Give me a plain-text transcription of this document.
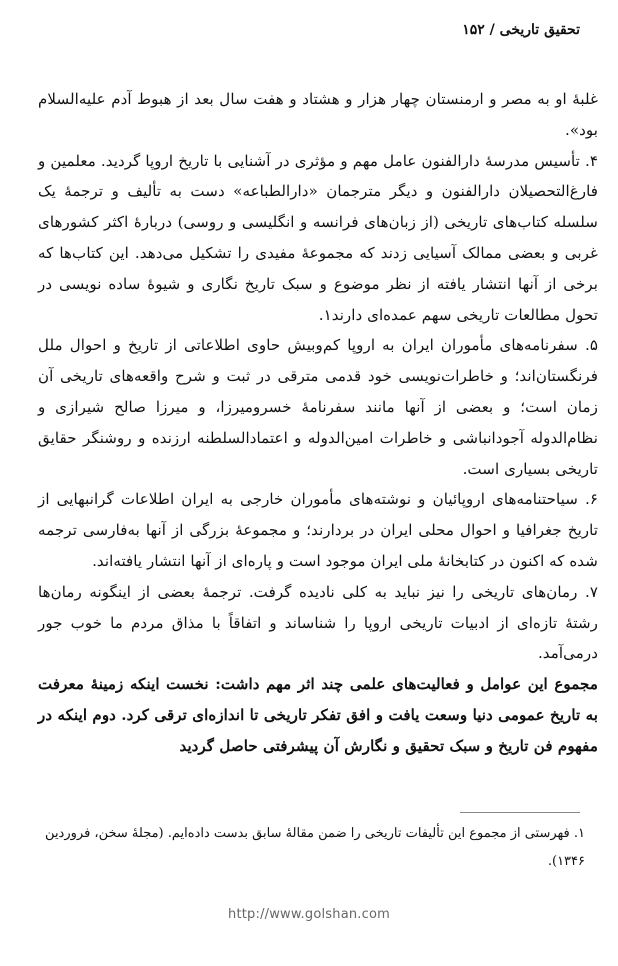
تحقیق تاریخی / ۱۵۲

غلبهٔ او به مصر و ارمنستان چهار هزار و هشتاد و هفت سال بعد از هبوط آدم علیه‌السلام بود».

۴. تأسیس مدرسهٔ دارالفنون عامل مهم و مؤثری در آشنایی با تاریخ اروپا گردید. معلمین و فارغ‌التحصیلان دارالفنون و دیگر مترجمان «دارالطباعه» دست به تألیف و ترجمهٔ یک سلسله کتاب‌های تاریخی (از زبان‌های فرانسه و انگلیسی و روسی) دربارهٔ اکثر کشورهای غربی و بعضی ممالک آسیایی زدند که مجموعهٔ مفیدی را تشکیل می‌دهد. این کتاب‌ها که برخی از آنها انتشار یافته از نظر موضوع و سبک تاریخ نگاری و شیوهٔ ساده نویسی در تحول مطالعات تاریخی سهم عمده‌ای دارند۱.

۵. سفرنامه‌های مأموران ایران به اروپا کم‌وبیش حاوی اطلاعاتی از تاریخ و احوال ملل فرنگستان‌اند؛ و خاطرات‌نویسی خود قدمی مترقی در ثبت و شرح واقعه‌های تاریخی آن زمان است؛ و بعضی از آنها مانند سفرنامهٔ خسرومیرزا، و میرزا صالح شیرازی و نظام‌الدوله آجودانباشی و خاطرات امین‌الدوله و اعتمادالسلطنه ارزنده و روشنگر حقایق تاریخی بسیاری است.

۶. سیاحتنامه‌های اروپائیان و نوشته‌های مأموران خارجی به ایران اطلاعات گرانبهایی از تاریخ جغرافیا و احوال محلی ایران در بردارند؛ و مجموعهٔ بزرگی از آنها به‌فارسی ترجمه شده که اکنون در کتابخانهٔ ملی ایران موجود است و پاره‌ای از آنها انتشار یافته‌اند.

۷. رمان‌های تاریخی را نیز نباید به کلی نادیده گرفت. ترجمهٔ بعضی از اینگونه رمان‌ها رشتهٔ تازه‌ای از ادبیات تاریخی اروپا را شناساند و اتفاقاً با مذاق مردم ما خوب جور درمی‌آمد.

مجموع این عوامل و فعالیت‌های علمی چند اثر مهم داشت: نخست اینکه زمینهٔ معرفت به تاریخ عمومی دنیا وسعت یافت و افق تفکر تاریخی تا اندازه‌ای ترقی کرد. دوم اینکه در مفهوم فن تاریخ و سبک تحقیق و نگارش آن پیشرفتی حاصل گردید

۱. فهرستی از مجموع این تألیفات تاریخی را ضمن مقالهٔ سابق بدست داده‌ایم. (مجلهٔ سخن، فروردین ۱۳۴۶).

http://www.golshan.com
